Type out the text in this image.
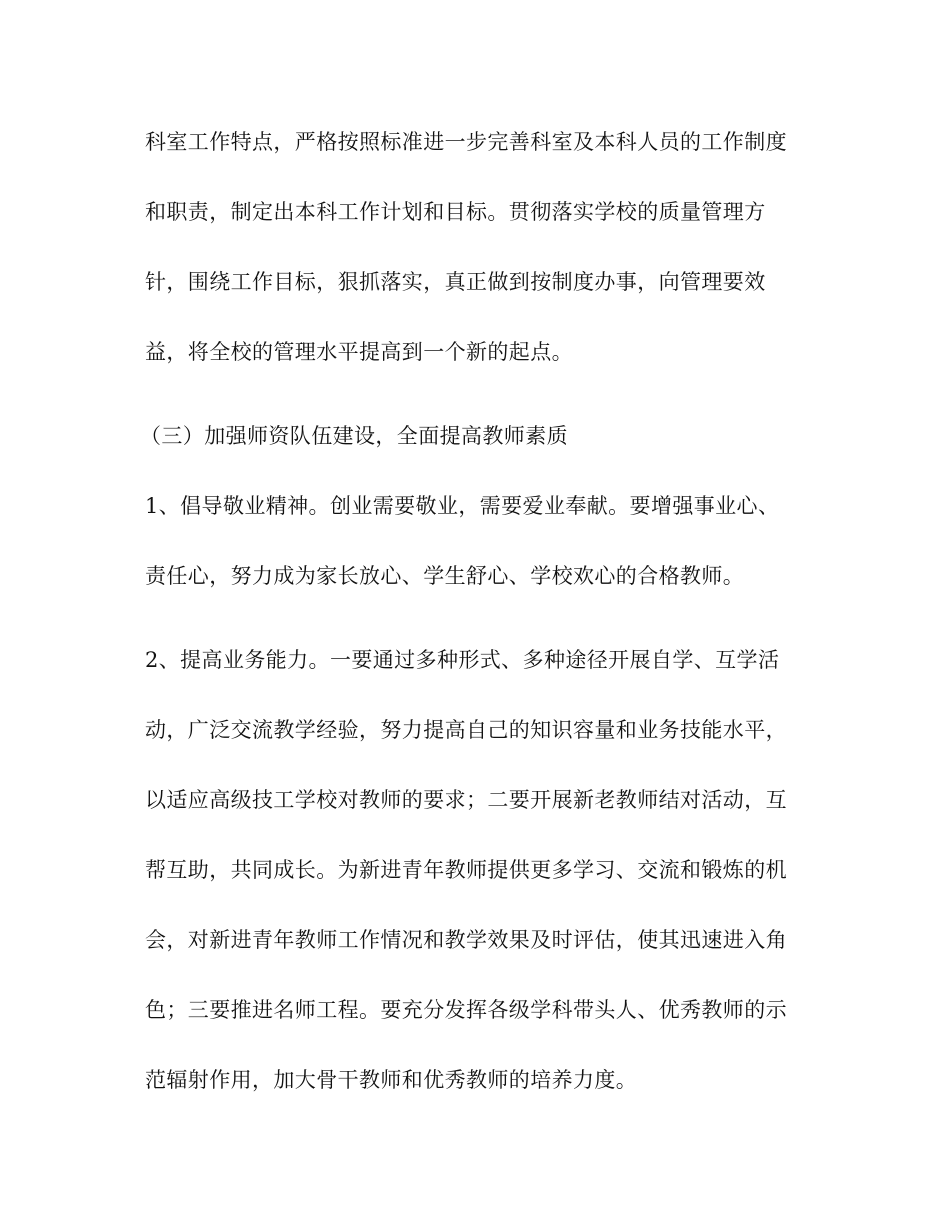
科室工作特点，严格按照标准进一步完善科室及本科人员的工作制度
和职责，制定出本科工作计划和目标。贯彻落实学校的质量管理方
针，围绕工作目标，狠抓落实，真正做到按制度办事，向管理要效
益，将全校的管理水平提高到一个新的起点。
（三）加强师资队伍建设，全面提高教师素质
1、倡导敬业精神。创业需要敬业，需要爱业奉献。要增强事业心、
责任心，努力成为家长放心、学生舒心、学校欢心的合格教师。
2、提高业务能力。一要通过多种形式、多种途径开展自学、互学活
动，广泛交流教学经验，努力提高自己的知识容量和业务技能水平，
以适应高级技工学校对教师的要求；二要开展新老教师结对活动，互
帮互助，共同成长。为新进青年教师提供更多学习、交流和锻炼的机
会，对新进青年教师工作情况和教学效果及时评估，使其迅速进入角
色；三要推进名师工程。要充分发挥各级学科带头人、优秀教师的示
范辐射作用，加大骨干教师和优秀教师的培养力度。
